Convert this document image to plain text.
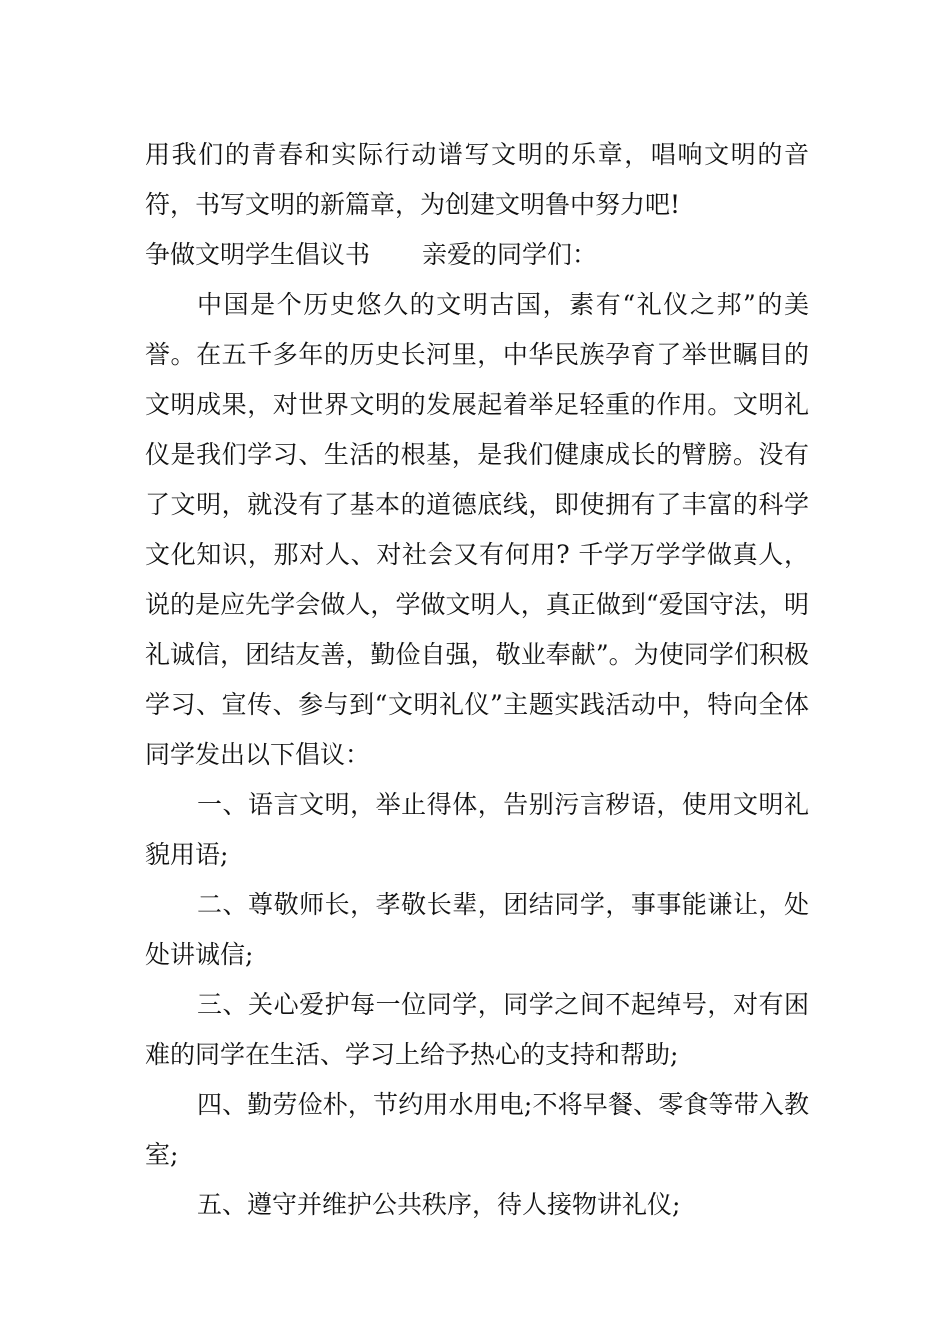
用我们的青春和实际行动谱写文明的乐章，唱响文明的音符，书写文明的新篇章，为创建文明鲁中努力吧!

争做文明学生倡议书 亲爱的同学们：

中国是个历史悠久的文明古国，素有“礼仪之邦”的美誉。在五千多年的历史长河里，中华民族孕育了举世瞩目的文明成果，对世界文明的发展起着举足轻重的作用。文明礼仪是我们学习、生活的根基，是我们健康成长的臂膀。没有了文明，就没有了基本的道德底线，即使拥有了丰富的科学文化知识，那对人、对社会又有何用? 千学万学学做真人，说的是应先学会做人，学做文明人，真正做到“爱国守法，明礼诚信，团结友善，勤俭自强，敬业奉献”。为使同学们积极学习、宣传、参与到“文明礼仪”主题实践活动中，特向全体同学发出以下倡议：

一、语言文明，举止得体，告别污言秽语，使用文明礼貌用语;

二、尊敬师长，孝敬长辈，团结同学，事事能谦让，处处讲诚信;

三、关心爱护每一位同学，同学之间不起绰号，对有困难的同学在生活、学习上给予热心的支持和帮助;

四、勤劳俭朴，节约用水用电;不将早餐、零食等带入教室;

五、遵守并维护公共秩序，待人接物讲礼仪;
